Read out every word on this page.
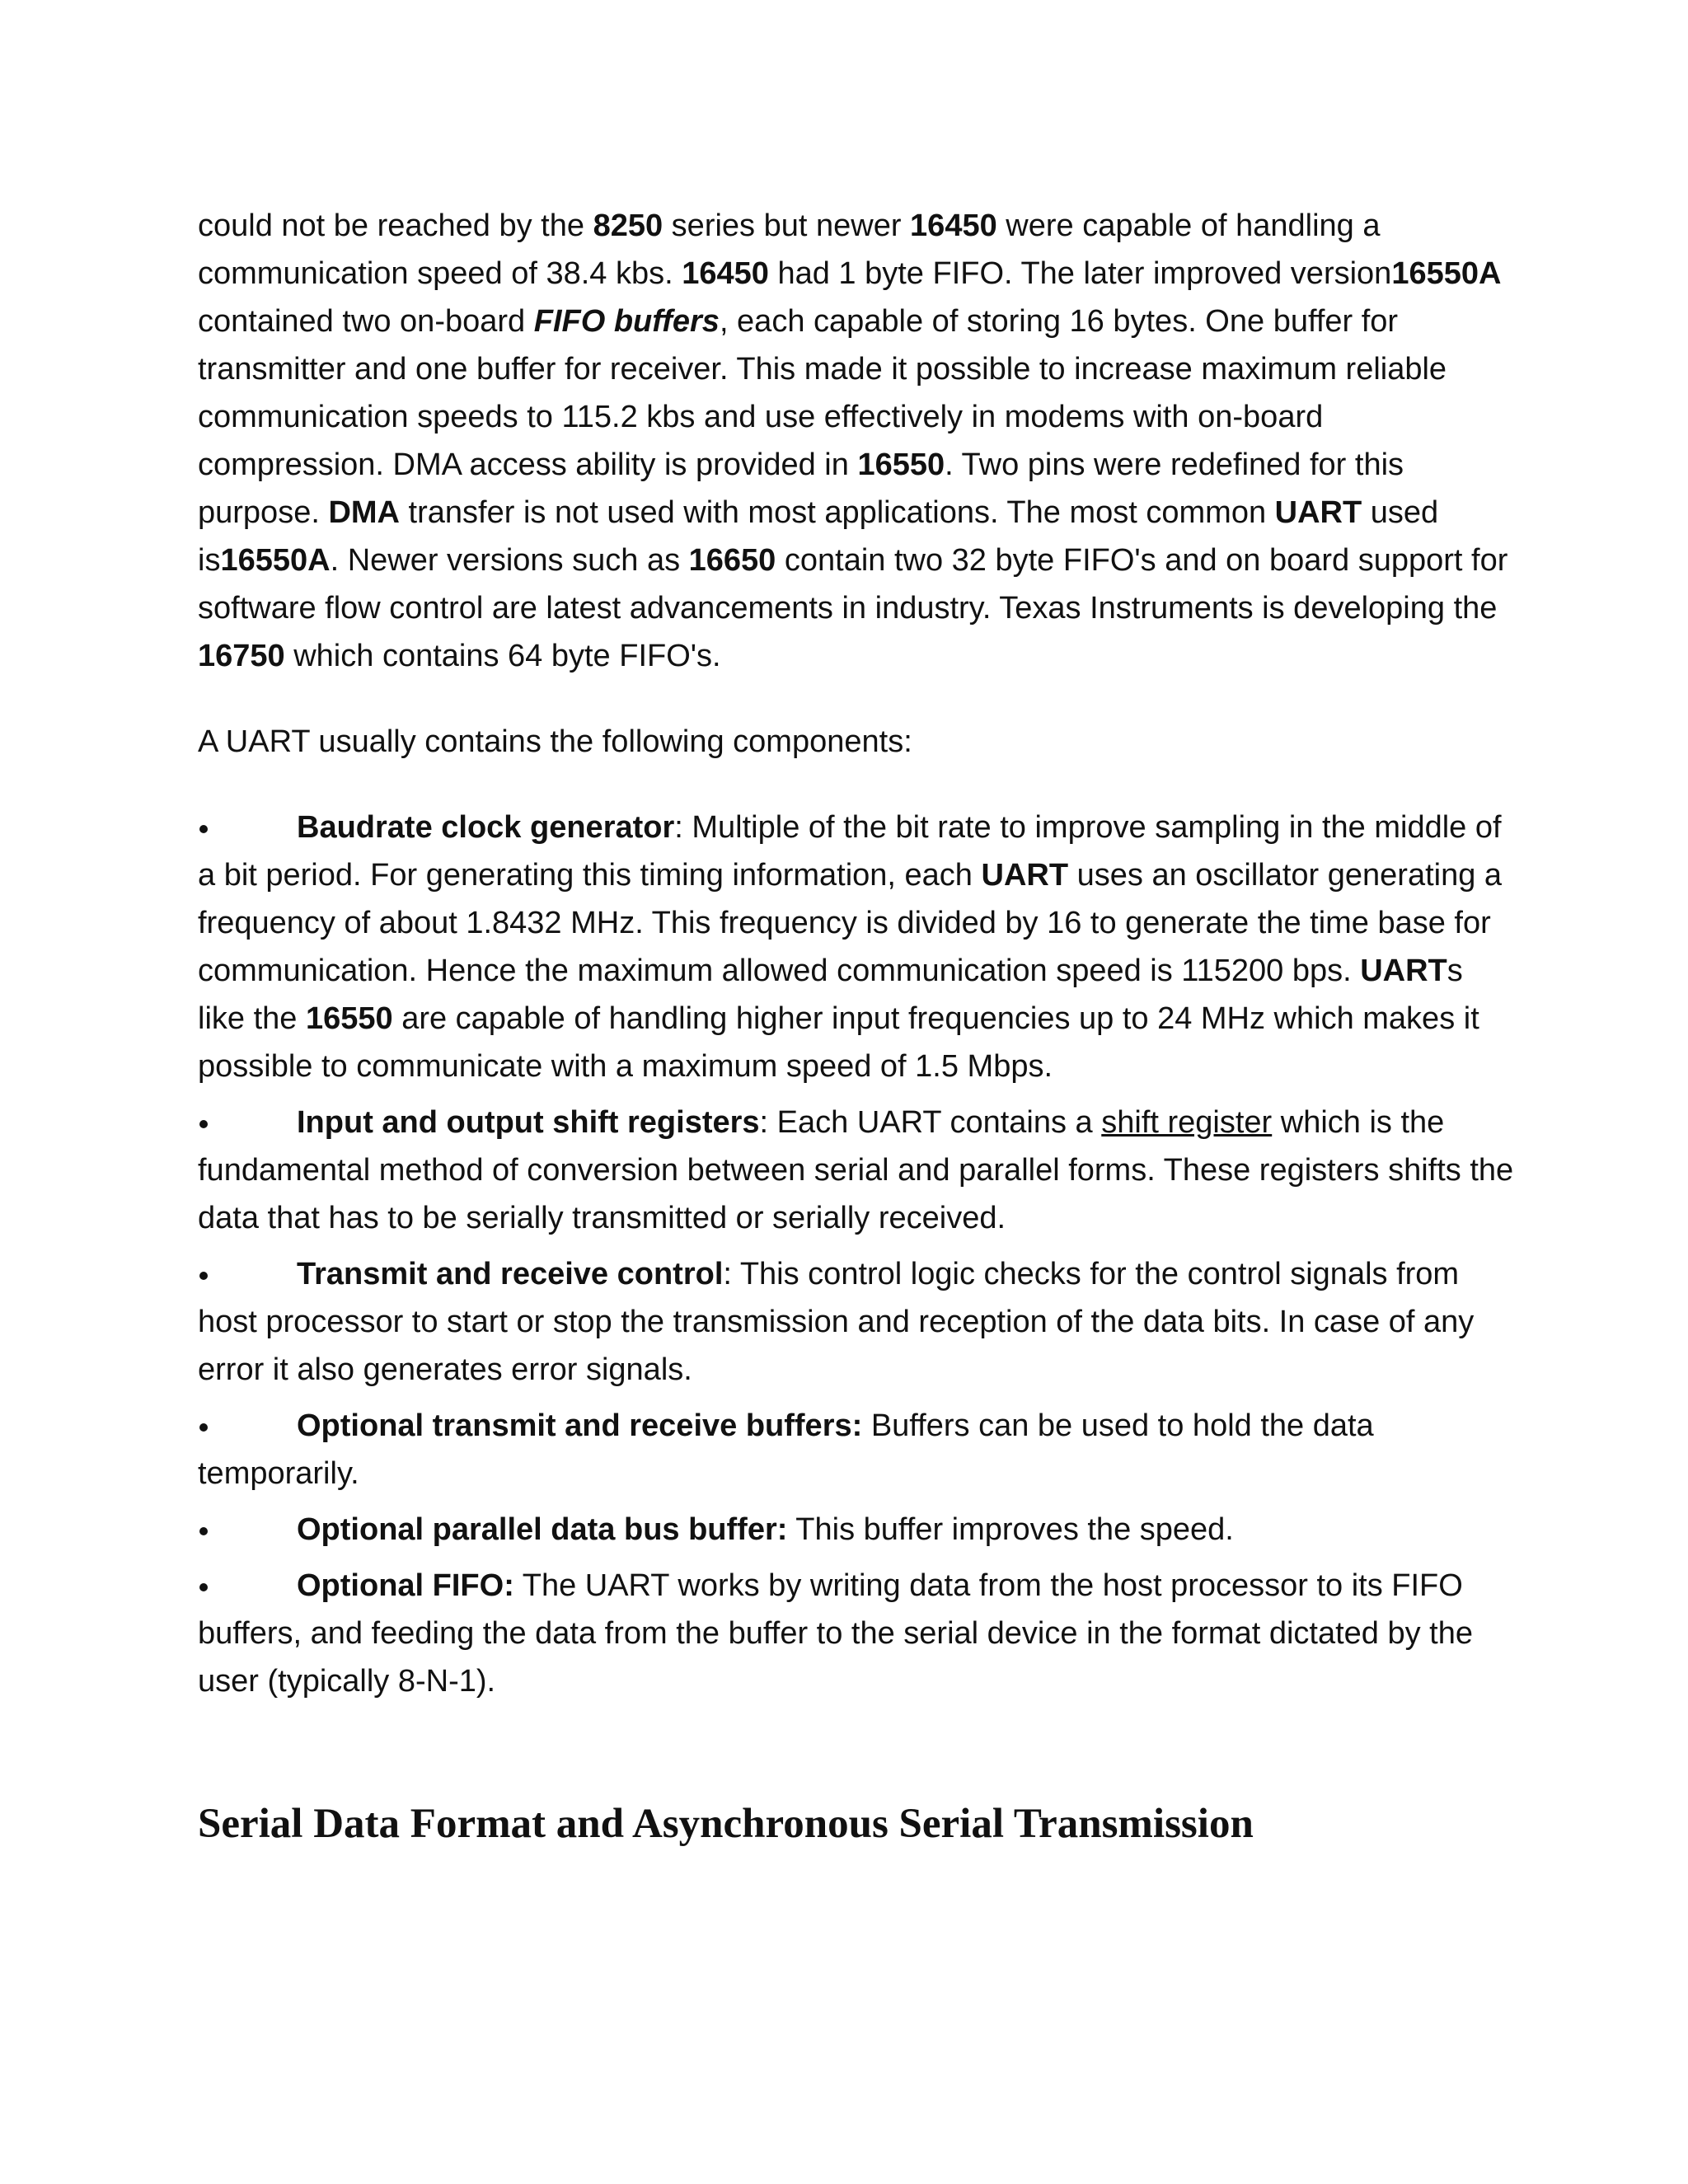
could not be reached by the 8250 series but newer 16450 were capable of handling a communication speed of 38.4 kbs. 16450 had 1 byte FIFO. The later improved version16550A contained two on-board FIFO buffers, each capable of storing 16 bytes. One buffer for transmitter and one buffer for receiver. This made it possible to increase maximum reliable communication speeds to 115.2 kbs and use effectively in modems with on-board compression. DMA access ability is provided in 16550. Two pins were redefined for this purpose. DMA transfer is not used with most applications. The most common UART used is16550A. Newer versions such as 16650 contain two 32 byte FIFO's and on board support for software flow control are latest advancements in industry. Texas Instruments is developing the 16750 which contains 64 byte FIFO's.

A UART usually contains the following components:

Baudrate clock generator: Multiple of the bit rate to improve sampling in the middle of a bit period. For generating this timing information, each UART uses an oscillator generating a frequency of about 1.8432 MHz. This frequency is divided by 16 to generate the time base for communication. Hence the maximum allowed communication speed is 115200 bps. UARTs like the 16550 are capable of handling higher input frequencies up to 24 MHz which makes it possible to communicate with a maximum speed of 1.5 Mbps.
Input and output shift registers: Each UART contains a shift register which is the fundamental method of conversion between serial and parallel forms. These registers shifts the data that has to be serially transmitted or serially received.
Transmit and receive control: This control logic checks for the control signals from host processor to start or stop the transmission and reception of the data bits. In case of any error it also generates error signals.
Optional transmit and receive buffers: Buffers can be used to hold the data temporarily.
Optional parallel data bus buffer: This buffer improves the speed.
Optional FIFO: The UART works by writing data from the host processor to its FIFO buffers, and feeding the data from the buffer to the serial device in the format dictated by the user (typically 8-N-1).
Serial Data Format and Asynchronous Serial Transmission
